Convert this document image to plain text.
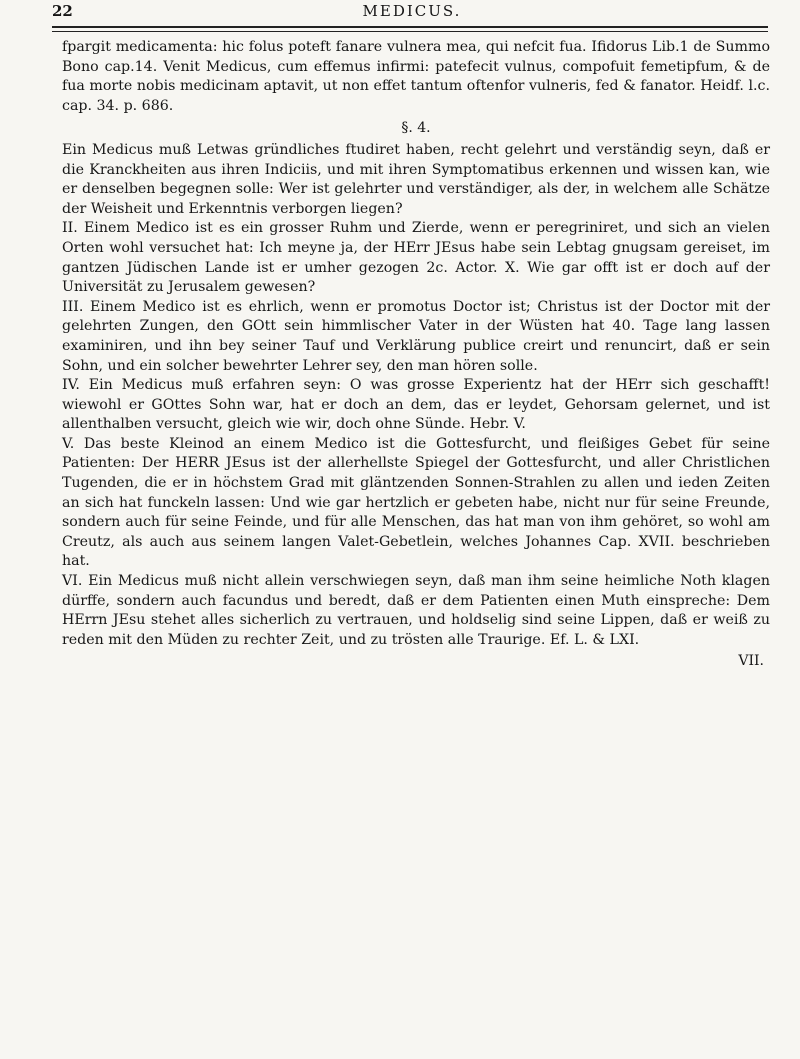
22	MEDICUS.

fpargit medicamenta: hic folus poteft fanare vulnera mea, qui nefcit fua. Ifidorus Lib.1 de Summo Bono cap.14. Venit Medicus, cum effemus infirmi: patefecit vulnus, compofuit femetipfum, & de fua morte nobis medicinam aptavit, ut non effet tantum oftenfor vulneris, fed & fanator. Heidf. l.c. cap. 34. p. 686.

§. 4.

Ein Medicus muß Letwas gründliches ftudiret haben, recht gelehrt und verständig seyn, daß er die Kranckheiten aus ihren Indiciis, und mit ihren Symptomatibus erkennen und wissen kan, wie er denselben begegnen solle: Wer ist gelehrter und verständiger, als der, in welchem alle Schätze der Weisheit und Erkenntnis verborgen liegen?

II. Einem Medico ist es ein grosser Ruhm und Zierde, wenn er peregriniret, und sich an vielen Orten wohl versuchet hat: Ich meyne ja, der HErr JEsus habe sein Lebtag gnugsam gereiset, im gantzen Jüdischen Lande ist er umher gezogen 2c. Actor. X. Wie gar offt ist er doch auf der Universität zu Jerusalem gewesen?

III. Einem Medico ist es ehrlich, wenn er promotus Doctor ist; Christus ist der Doctor mit der gelehrten Zungen, den GOtt sein himmlischer Vater in der Wüsten hat 40. Tage lang lassen examiniren, und ihn bey seiner Tauf und Verklärung publice creirt und renuncirt, daß er sein Sohn, und ein solcher bewehrter Lehrer sey, den man hören solle.

IV. Ein Medicus muß erfahren seyn: O was grosse Experientz hat der HErr sich geschafft! wiewohl er GOttes Sohn war, hat er doch an dem, das er leydet, Gehorsam gelernet, und ist allenthalben versucht, gleich wie wir, doch ohne Sünde. Hebr. V.

V. Das beste Kleinod an einem Medico ist die Gottesfurcht, und fleißiges Gebet für seine Patienten: Der HERR JEsus ist der allerhellste Spiegel der Gottesfurcht, und aller Christlichen Tugenden, die er in höchstem Grad mit gläntzenden Sonnen-Strahlen zu allen und ieden Zeiten an sich hat funckeln lassen: Und wie gar hertzlich er gebeten habe, nicht nur für seine Freunde, sondern auch für seine Feinde, und für alle Menschen, das hat man von ihm gehöret, so wohl am Creutz, als auch aus seinem langen Valet-Gebetlein, welches Johannes Cap. XVII. beschrieben hat.

VI. Ein Medicus muß nicht allein verschwiegen seyn, daß man ihm seine heimliche Noth klagen dürffe, sondern auch facundus und beredt, daß er dem Patienten einen Muth einspreche: Dem HErrn JEsu stehet alles sicherlich zu vertrauen, und holdselig sind seine Lippen, daß er weiß zu reden mit den Müden zu rechter Zeit, und zu trösten alle Traurige. Ef. L. & LXI.

VII.
